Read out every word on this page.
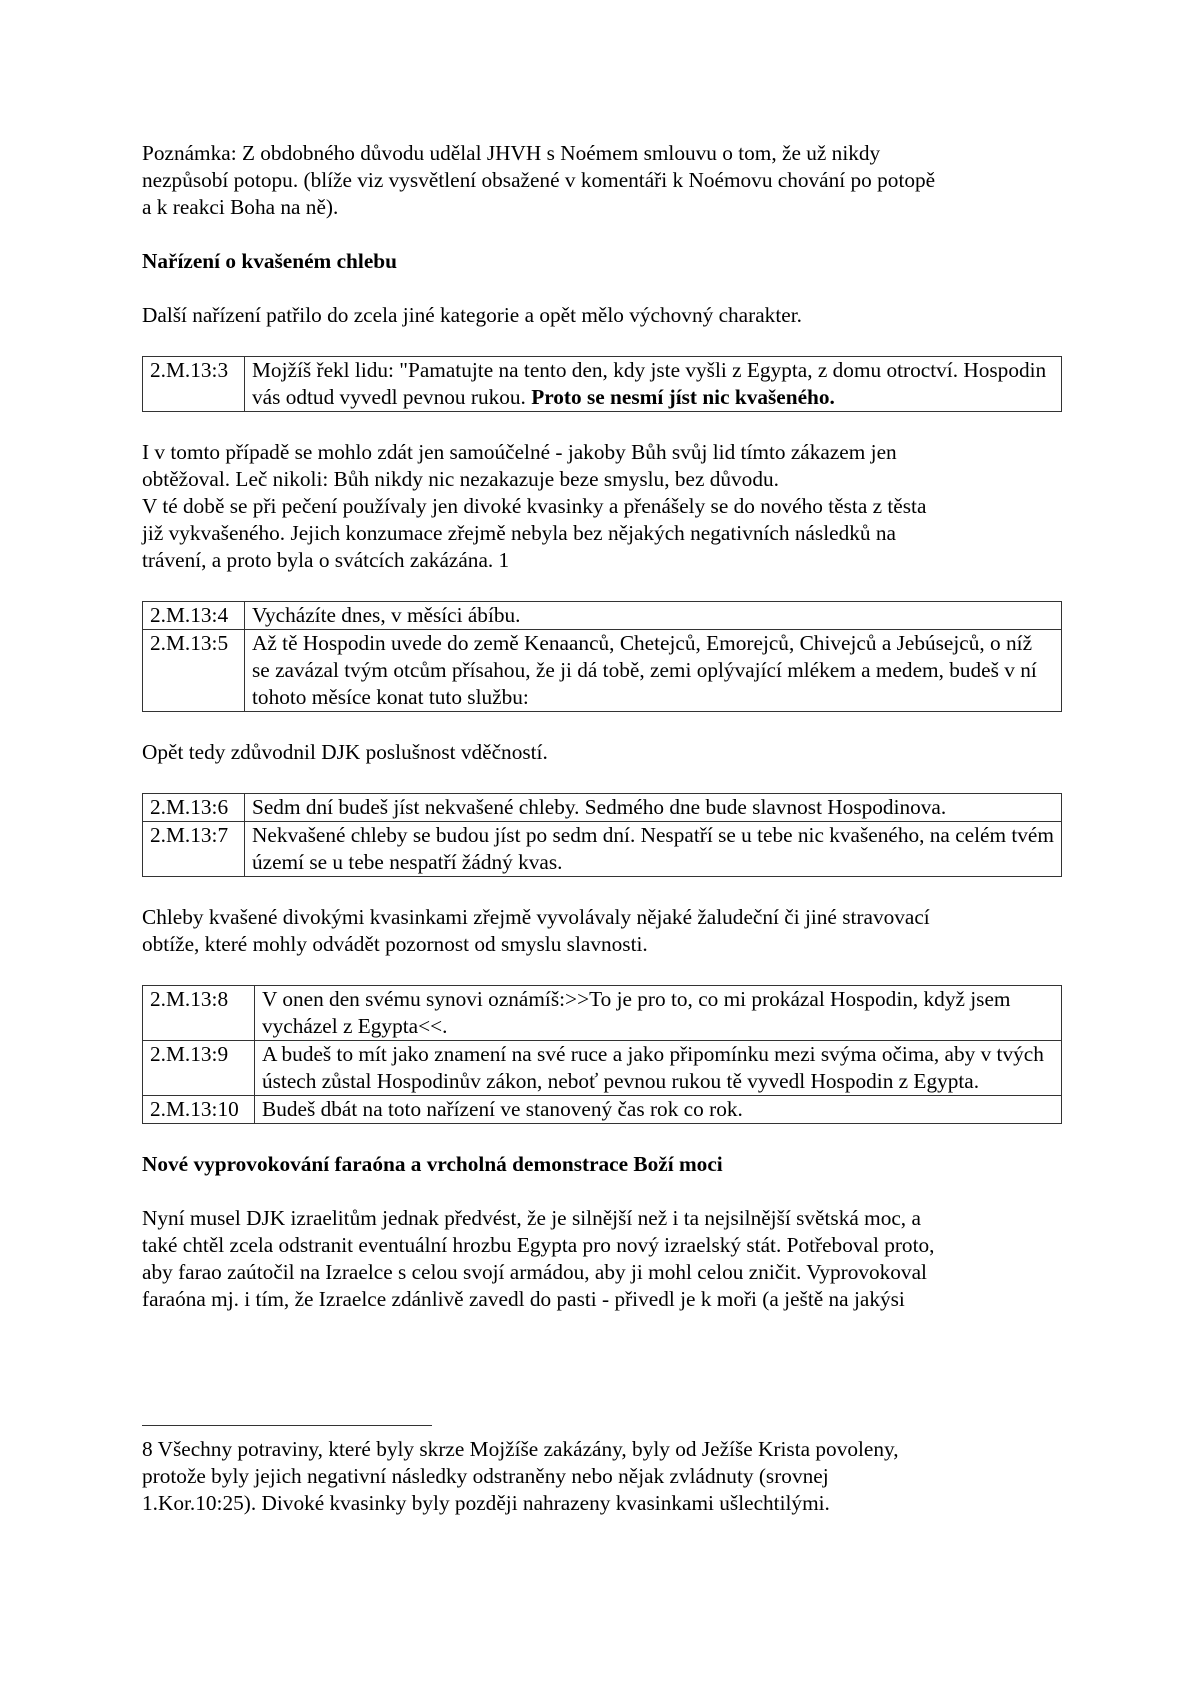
Poznámka: Z obdobného důvodu udělal JHVH s Noémem smlouvu o tom, že už nikdy
nezpůsobí potopu. (blíže viz vysvětlení obsažené v komentáři k Noémovu chování po potopě
a k reakci Boha na ně).

Nařízení o kvašeném chlebu

Další nařízení patřilo do zcela jiné kategorie a opět mělo výchovný charakter.

2.M.13:3	Mojžíš řekl lidu: "Pamatujte na tento den, kdy jste vyšli z Egypta, z domu otroctví. Hospodin vás odtud vyvedl pevnou rukou. Proto se nesmí jíst nic kvašeného.

I v tomto případě se mohlo zdát jen samoúčelné - jakoby Bůh svůj lid tímto zákazem jen
obtěžoval. Leč nikoli: Bůh nikdy nic nezakazuje beze smyslu, bez důvodu.
V té době se při pečení používaly jen divoké kvasinky a přenášely se do nového těsta z těsta
již vykvašeného. Jejich konzumace zřejmě nebyla bez nějakých negativních následků na
trávení, a proto byla o svátcích zakázána. 1

2.M.13:4	Vycházíte dnes, v měsíci ábíbu.
2.M.13:5	Až tě Hospodin uvede do země Kenaanců, Chetejců, Emorejců, Chivejců a Jebúsejců, o níž se zavázal tvým otcům přísahou, že ji dá tobě, zemi oplývající mlékem a medem, budeš v ní tohoto měsíce konat tuto službu:

Opět tedy zdůvodnil DJK poslušnost vděčností.

2.M.13:6	Sedm dní budeš jíst nekvašené chleby. Sedmého dne bude slavnost Hospodinova.
2.M.13:7	Nekvašené chleby se budou jíst po sedm dní. Nespatří se u tebe nic kvašeného, na celém tvém území se u tebe nespatří žádný kvas.

Chleby kvašené divokými kvasinkami zřejmě vyvolávaly nějaké žaludeční či jiné stravovací
obtíže, které mohly odvádět pozornost od smyslu slavnosti.

2.M.13:8	V onen den svému synovi oznámíš:>>To je pro to, co mi prokázal Hospodin, když jsem vycházel z Egypta<<.
2.M.13:9	A budeš to mít jako znamení na své ruce a jako připomínku mezi svýma očima, aby v tvých ústech zůstal Hospodinův zákon, neboť pevnou rukou tě vyvedl Hospodin z Egypta.
2.M.13:10	Budeš dbát na toto nařízení ve stanovený čas rok co rok.
Nové vyprovokování faraóna a vrcholná demonstrace Boží moci

Nyní musel DJK izraelitům jednak předvést, že je silnější než i ta nejsilnější světská moc, a
také chtěl zcela odstranit eventuální hrozbu Egypta pro nový izraelský stát. Potřeboval proto,
aby farao zaútočil na Izraelce s celou svojí armádou, aby ji mohl celou zničit. Vyprovokoval
faraóna mj. i tím, že Izraelce zdánlivě zavedl do pasti - přivedl je k moři (a ještě na jakýsi

8 Všechny potraviny, které byly skrze Mojžíše zakázány, byly od Ježíše Krista povoleny,
protože byly jejich negativní následky odstraněny nebo nějak zvládnuty (srovnej
1.Kor.10:25). Divoké kvasinky byly později nahrazeny kvasinkami ušlechtilými.
